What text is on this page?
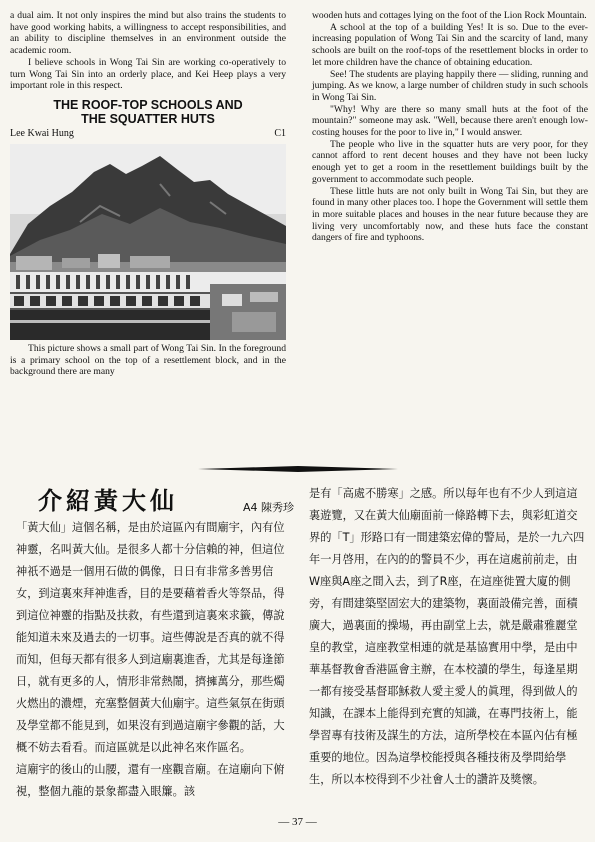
a dual aim. It not only inspires the mind but also trains the students to have good working habits, a willingness to accept responsibilities, and an ability to discipline themselves in an environment outside the academic room.

I believe schools in Wong Tai Sin are working co-operatively to turn Wong Tai Sin into an orderly place, and Kei Heep plays a very important role in this respect.

THE ROOF-TOP SCHOOLS AND
THE SQUATTER HUTS
Lee Kwai Hung	C1

This picture shows a small part of Wong Tai Sin. In the foreground is a primary school on the top of a resettlement block, and in the background there are many

wooden huts and cottages lying on the foot of the Lion Rock Mountain.

A school at the top of a building Yes! It is so. Due to the ever-increasing population of Wong Tai Sin and the scarcity of land, many schools are built on the roof-tops of the resettlement blocks in order to let more children have the chance of obtaining education.

See! The students are playing happily there — sliding, running and jumping. As we know, a large number of children study in such schools in Wong Tai Sin.

"Why! Why are there so many small huts at the foot of the mountain?" someone may ask. "Well, because there aren't enough low-costing houses for the poor to live in," I would answer.

The people who live in the squatter huts are very poor, for they cannot afford to rent decent houses and they have not been lucky enough yet to get a room in the resettlement buildings built by the government to accommodate such people.

These little huts are not only built in Wong Tai Sin, but they are found in many other places too. I hope the Government will settle them in more suitable places and houses in the near future because they are living very uncomfortably now, and these huts face the constant dangers of fire and typhoons.

介紹黃大仙	A4 陳秀珍

「黃大仙」這個名稱，是由於這區內有間廟宇，內有位神靈，名叫黃大仙。是很多人都十分信賴的神，但這位神祇不過是一個用石做的偶像，日日有非常多善男信女，到這裏來拜神進香，目的是要藉着香火等祭品，得到這位神靈的指點及扶救，有些還到這裏來求籤，傳說能知道未來及過去的一切事。這些傳說是否真的就不得而知，但每天都有很多人到這廟裏進香，尤其是每逢節日，就有更多的人，情形非常熱鬧，擠擁萬分，那些燭火燃出的濃煙，充塞整個黃大仙廟宇。這些氣氛在街頭及學堂都不能見到，如果沒有到過這廟宇參觀的話，大概不妨去看看。而這區就是以此神名來作區名。

這廟宇的後山的山腰，還有一座觀音廟。在這廟向下俯視，整個九龍的景象都盡入眼簾。該

是有「高處不勝寒」之感。所以每年也有不少人到這這裏遊覽，又在黃大仙廟面前一條路轉下去，與彩虹道交界的「T」形路口有一間建築宏偉的警局，是於一九六四年一月啓用，在內的的警員不少，再在這處前前走，由W座與A座之間入去，到了R座，在這座徙置大廈的側旁，有間建築堅固宏大的建築物，裏面設備完善，面積廣大，過裏面的操場，再由副堂上去，就是嚴肅雅麗堂皇的教堂，這座教堂相連的就是基協實用中學，是由中華基督教會香港區會主辦，在本校讀的學生，每逢星期一都有接受基督耶穌救人愛主愛人的眞理，得到做人的知識，在課本上能得到充實的知識，在專門技術上，能學習專有技術及謀生的方法，這所學校在本區內佔有極重要的地位。因為這學校能授與各種技術及學問給學生，所以本校得到不少社會人士的讚許及獎懷。

— 37 —
